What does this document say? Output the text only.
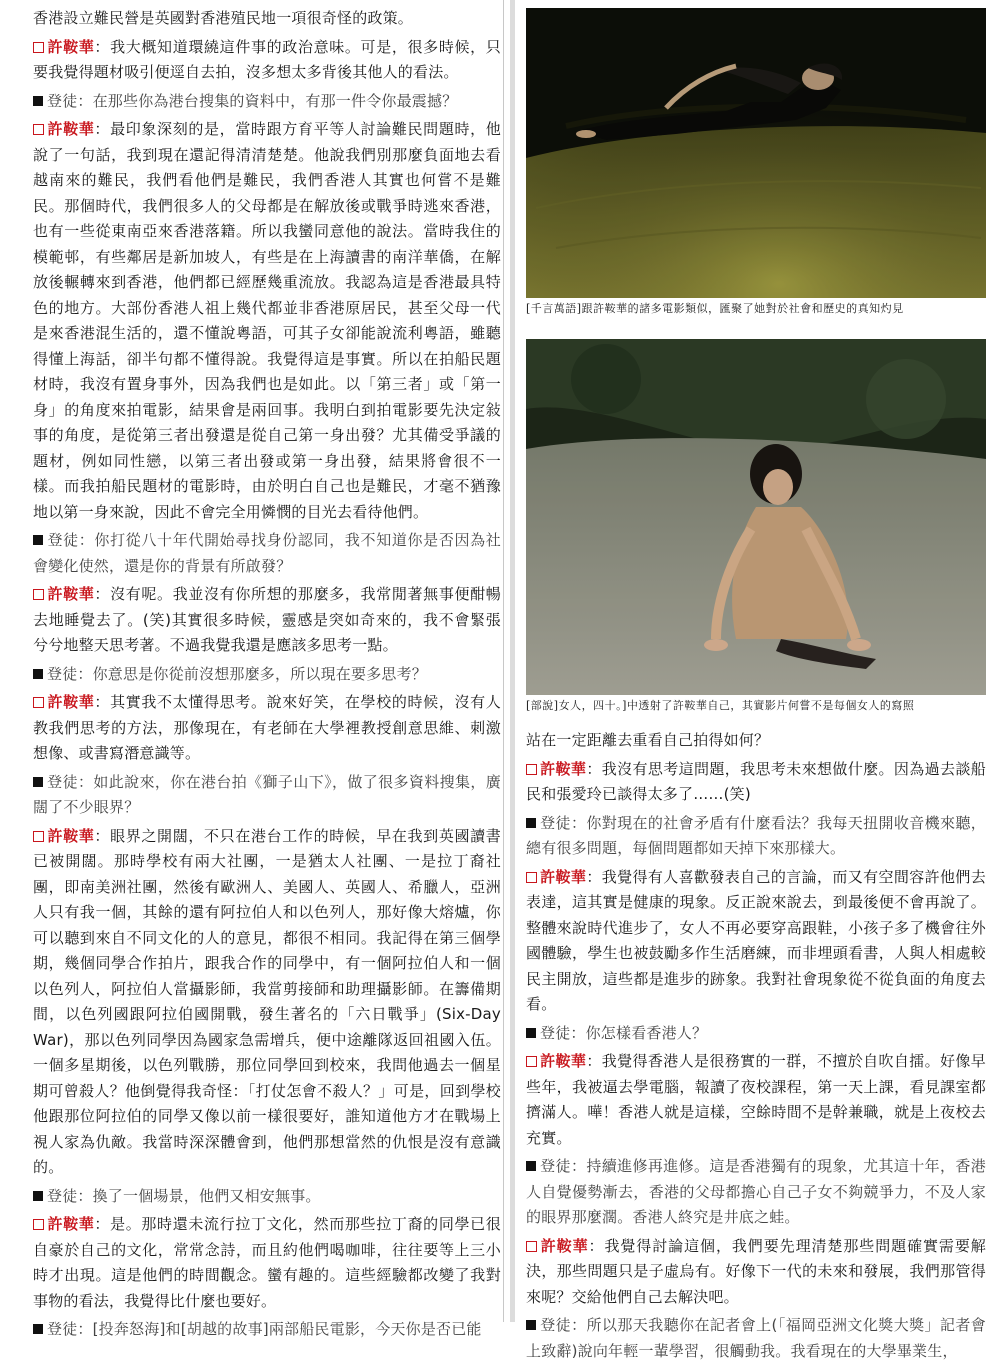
香港設立難民營是英國對香港殖民地一項很奇怪的政策。

許鞍華：我大概知道環繞這件事的政治意味。可是，很多時候，只要我覺得題材吸引便逕自去拍，沒多想太多背後其他人的看法。

登徒：在那些你為港台搜集的資料中，有那一件令你最震撼？

許鞍華：最印象深刻的是，當時跟方育平等人討論難民問題時，他說了一句話，我到現在還記得清清楚楚。他說我們別那麼負面地去看越南來的難民，我們看他們是難民，我們香港人其實也何嘗不是難民。那個時代，我們很多人的父母都是在解放後或戰爭時逃來香港，也有一些從東南亞來香港落籍。所以我蠻同意他的說法。當時我住的模範邨，有些鄰居是新加坡人，有些是在上海讀書的南洋華僑，在解放後輾轉來到香港，他們都已經歷幾重流放。我認為這是香港最具特色的地方。大部份香港人祖上幾代都並非香港原居民，甚至父母一代是來香港混生活的，還不懂說粵語，可其子女卻能說流利粵語，雖聽得懂上海話，卻半句都不懂得說。我覺得這是事實。所以在拍船民題材時，我沒有置身事外，因為我們也是如此。以「第三者」或「第一身」的角度來拍電影，結果會是兩回事。我明白到拍電影要先決定敍事的角度，是從第三者出發還是從自己第一身出發？尤其備受爭議的題材，例如同性戀，以第三者出發或第一身出發，結果將會很不一樣。而我拍船民題材的電影時，由於明白自己也是難民，才毫不猶豫地以第一身來說，因此不會完全用憐憫的目光去看待他們。

登徒：你打從八十年代開始尋找身份認同，我不知道你是否因為社會變化使然，還是你的背景有所啟發？

許鞍華：沒有呢。我並沒有你所想的那麼多，我常閒著無事便酣暢去地睡覺去了。(笑)其實很多時候，靈感是突如奇來的，我不會緊張兮兮地整天思考著。不過我覺我還是應該多思考一點。

登徒：你意思是你從前沒想那麼多，所以現在要多思考？

許鞍華：其實我不太懂得思考。說來好笑，在學校的時候，沒有人教我們思考的方法，那像現在，有老師在大學裡教授創意思維、刺激想像、或書寫潛意識等。

登徒：如此說來，你在港台拍《獅子山下》，做了很多資料搜集，廣闊了不少眼界？

許鞍華：眼界之開闊，不只在港台工作的時候，早在我到英國讀書已被開闊。那時學校有兩大社團，一是猶太人社團、一是拉丁裔社團，即南美洲社團，然後有歐洲人、美國人、英國人、希臘人，亞洲人只有我一個，其餘的還有阿拉伯人和以色列人，那好像大熔爐，你可以聽到來自不同文化的人的意見，都很不相同。我記得在第三個學期，幾個同學合作拍片，跟我合作的同學中，有一個阿拉伯人和一個以色列人，阿拉伯人當攝影師，我當剪接師和助理攝影師。在籌備期間，以色列國跟阿拉伯國開戰，發生著名的「六日戰爭」(Six-Day War)，那以色列同學因為國家急需增兵，便中途離隊返回祖國入伍。一個多星期後，以色列戰勝，那位同學回到校來，我問他過去一個星期可曾殺人？他倒覺得我奇怪：「打仗怎會不殺人？」可是，回到學校他跟那位阿拉伯的同學又像以前一樣很要好，誰知道他方才在戰場上視人家為仇敵。我當時深深體會到，他們那想當然的仇恨是沒有意識的。

登徒：換了一個場景，他們又相安無事。

許鞍華：是。那時還未流行拉丁文化，然而那些拉丁裔的同學已很自豪於自己的文化，常常念詩，而且約他們喝咖啡，往往要等上三小時才出現。這是他們的時間觀念。蠻有趣的。這些經驗都改變了我對事物的看法，我覺得比什麼也要好。

登徒：[投奔怒海]和[胡越的故事]兩部船民電影，今天你是否已能

[千言萬語]跟許鞍華的諸多電影類似，匯聚了她對於社會和歷史的真知灼見
[部說]女人，四十。]中透射了許鞍華自己，其實影片何嘗不是每個女人的寫照

站在一定距離去重看自己拍得如何？

許鞍華：我沒有思考這問題，我思考未來想做什麼。因為過去談船民和張愛玲已談得太多了……(笑)

登徒：你對現在的社會矛盾有什麼看法？我每天扭開收音機來聽，總有很多問題，每個問題都如天掉下來那樣大。

許鞍華：我覺得有人喜歡發表自己的言論，而又有空間容許他們去表達，這其實是健康的現象。反正說來說去，到最後便不會再說了。整體來說時代進步了，女人不再必要穿高跟鞋，小孩子多了機會往外國體驗，學生也被鼓勵多作生活磨練，而非埋頭看書，人與人相處較民主開放，這些都是進步的跡象。我對社會現象從不從負面的角度去看。

登徒：你怎樣看香港人？

許鞍華：我覺得香港人是很務實的一群，不擅於自吹自擂。好像早些年，我被逼去學電腦，報讀了夜校課程，第一天上課，看見課室都擠滿人。嘩！香港人就是這樣，空餘時間不是幹兼職，就是上夜校去充實。

登徒：持續進修再進修。這是香港獨有的現象，尤其這十年，香港人自覺優勢漸去，香港的父母都擔心自己子女不夠競爭力，不及人家的眼界那麼濶。香港人終究是井底之蛙。

許鞍華：我覺得討論這個，我們要先理清楚那些問題確實需要解決，那些問題只是子虛烏有。好像下一代的未來和發展，我們那管得來呢？交給他們自己去解決吧。

登徒：所以那天我聽你在記者會上(「福岡亞洲文化獎大獎」記者會上致辭)說向年輕一輩學習，很觸動我。我看現在的大學畢業生，
